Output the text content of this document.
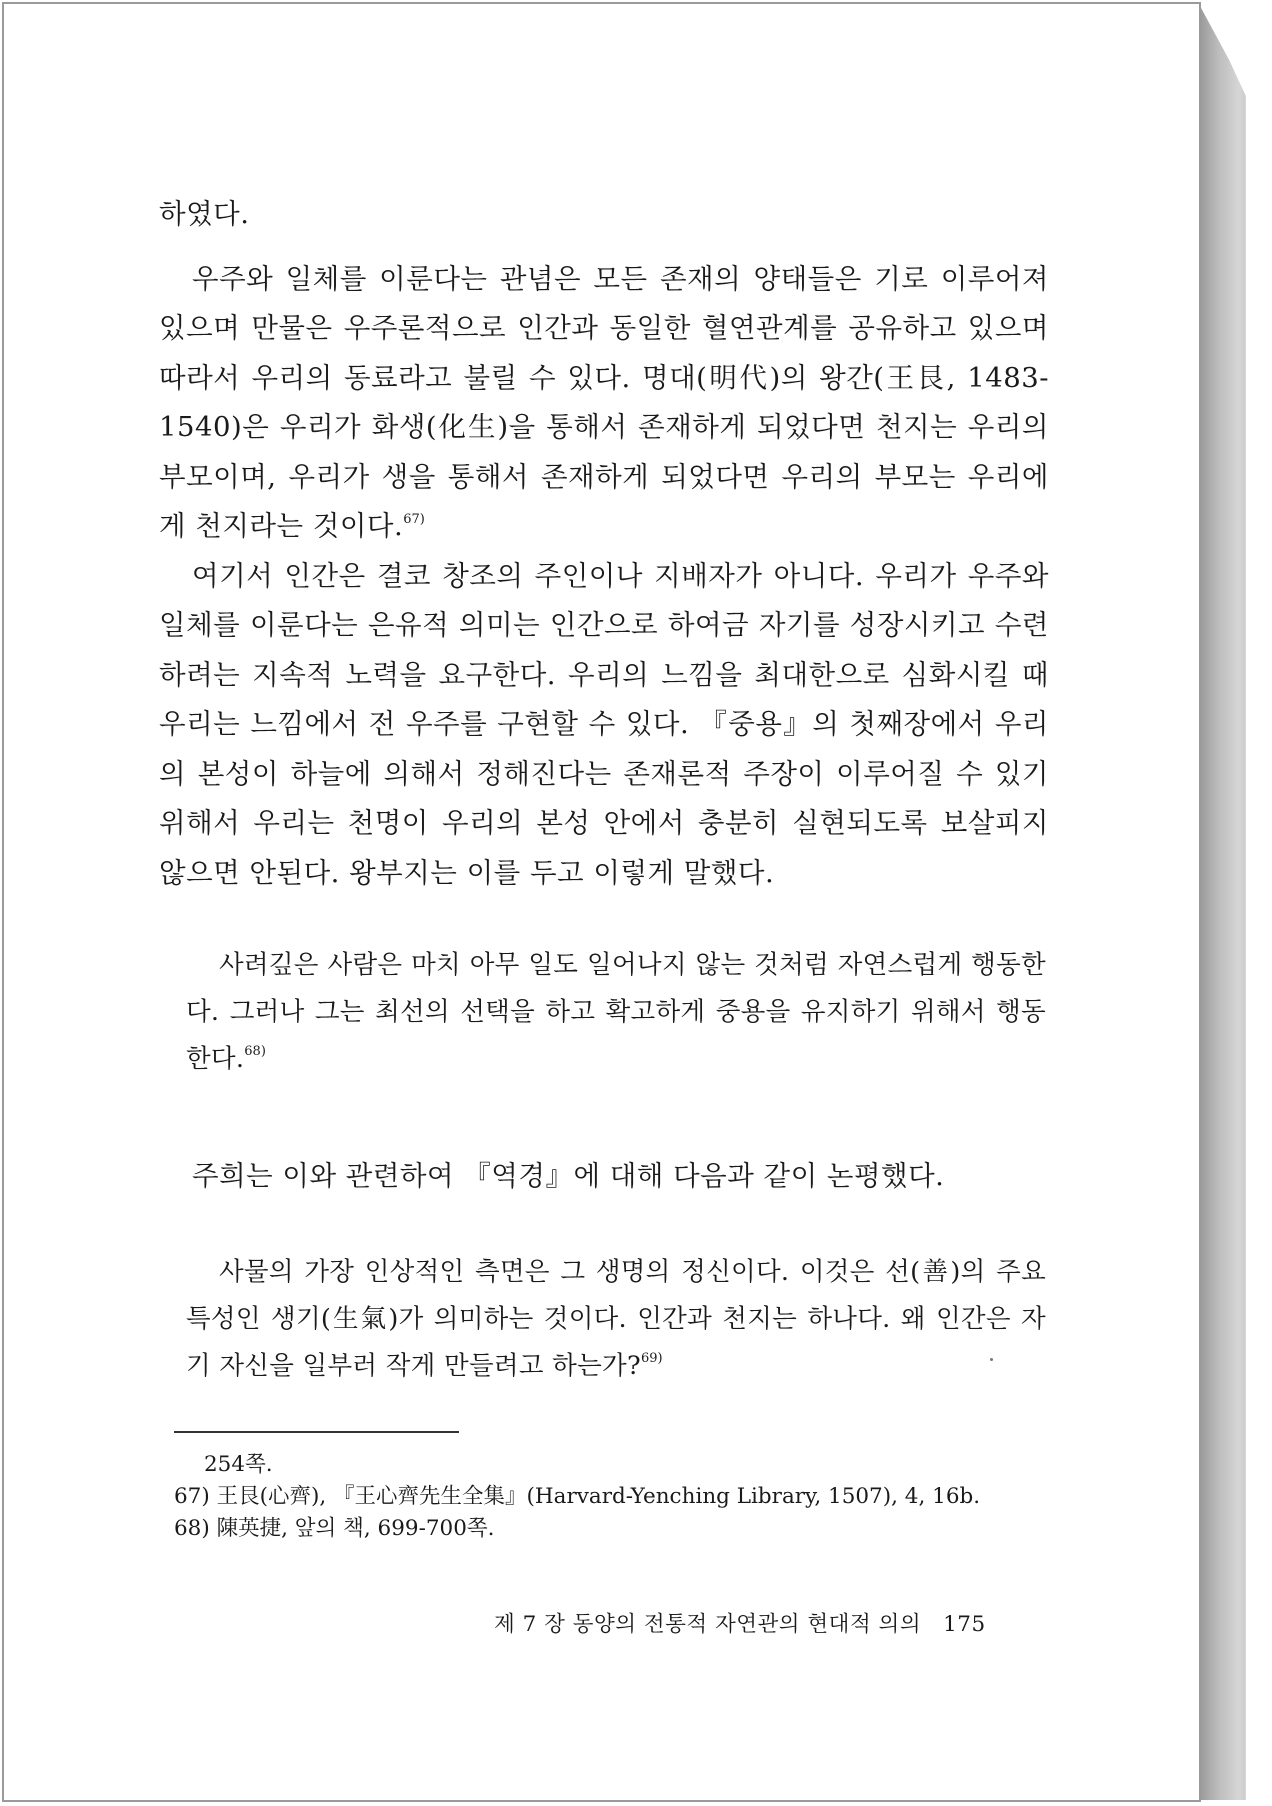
하였다.

우주와 일체를 이룬다는 관념은 모든 존재의 양태들은 기로 이루어져 있으며 만물은 우주론적으로 인간과 동일한 혈연관계를 공유하고 있으며 따라서 우리의 동료라고 불릴 수 있다. 명대(明代)의 왕간(王艮, 1483-1540)은 우리가 화생(化生)을 통해서 존재하게 되었다면 천지는 우리의 부모이며, 우리가 생을 통해서 존재하게 되었다면 우리의 부모는 우리에게 천지라는 것이다.$^{67)}$

여기서 인간은 결코 창조의 주인이나 지배자가 아니다. 우리가 우주와 일체를 이룬다는 은유적 의미는 인간으로 하여금 자기를 성장시키고 수련하려는 지속적 노력을 요구한다. 우리의 느낌을 최대한으로 심화시킬 때 우리는 느낌에서 전 우주를 구현할 수 있다. 『중용』의 첫째장에서 우리의 본성이 하늘에 의해서 정해진다는 존재론적 주장이 이루어질 수 있기 위해서 우리는 천명이 우리의 본성 안에서 충분히 실현되도록 보살피지 않으면 안된다. 왕부지는 이를 두고 이렇게 말했다.

사려깊은 사람은 마치 아무 일도 일어나지 않는 것처럼 자연스럽게 행동한다. 그러나 그는 최선의 선택을 하고 확고하게 중용을 유지하기 위해서 행동한다.$^{68)}$

주희는 이와 관련하여 『역경』에 대해 다음과 같이 논평했다.

사물의 가장 인상적인 측면은 그 생명의 정신이다. 이것은 선(善)의 주요 특성인 생기(生氣)가 의미하는 것이다. 인간과 천지는 하나다. 왜 인간은 자기 자신을 일부러 작게 만들려고 하는가?$^{69)}$

254쪽.

67) 王艮(心齊), 『王心齊先生全集』(Harvard-Yenching Library, 1507), 4, 16b.

68) 陳英捷, 앞의 책, 699-700쪽.

제 7 장 동양의 전통적 자연관의 현대적 의의 175
